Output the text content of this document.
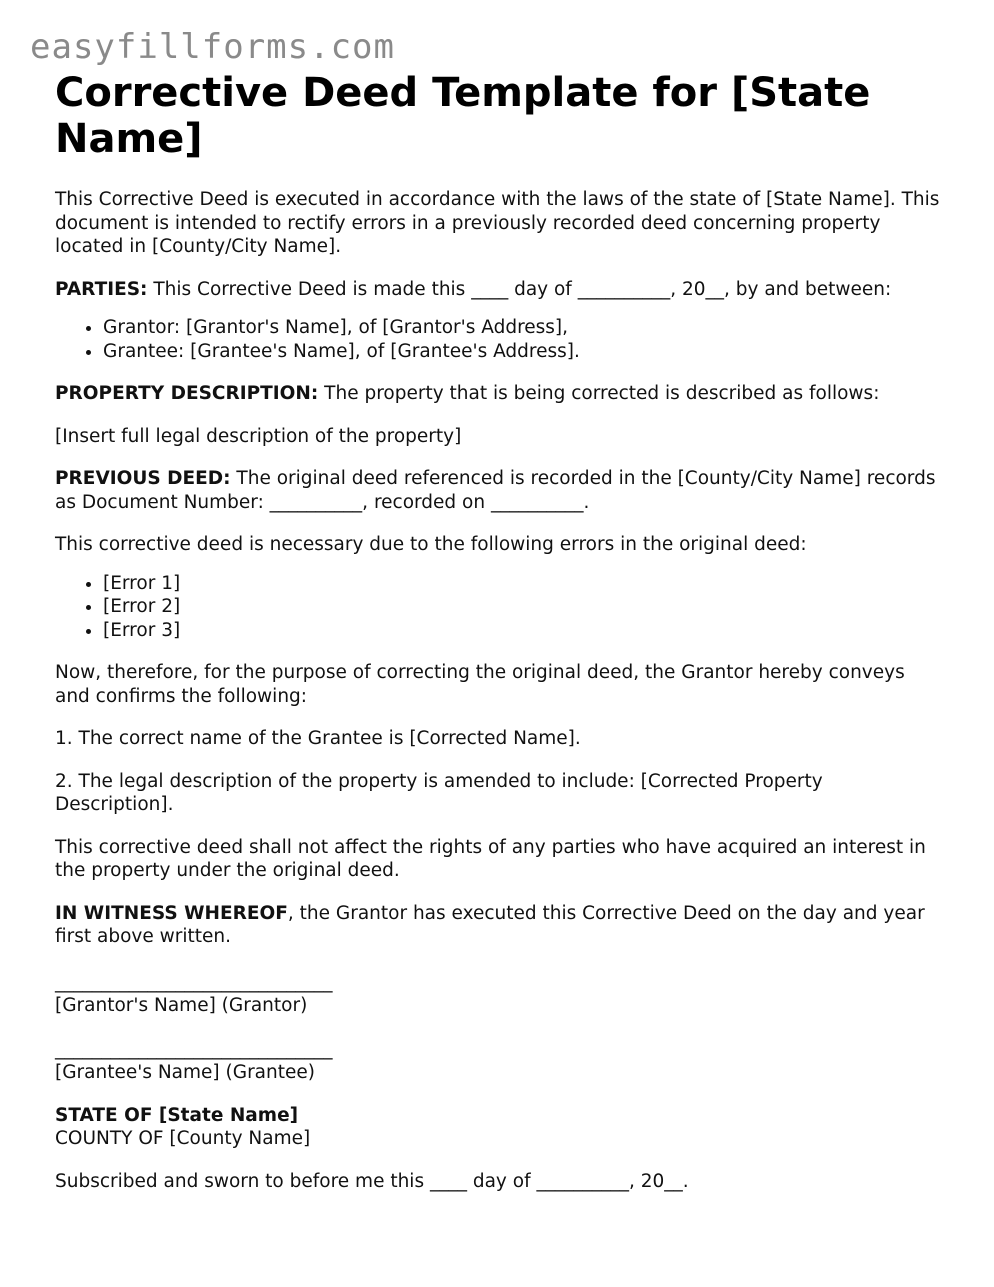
easyfillforms.com
Corrective Deed Template for [State Name]

This Corrective Deed is executed in accordance with the laws of the state of [State Name]. This document is intended to rectify errors in a previously recorded deed concerning property located in [County/City Name].

PARTIES: This Corrective Deed is made this ____ day of __________, 20__, by and between:

• Grantor: [Grantor's Name], of [Grantor's Address],
• Grantee: [Grantee's Name], of [Grantee's Address].

PROPERTY DESCRIPTION: The property that is being corrected is described as follows:

[Insert full legal description of the property]

PREVIOUS DEED: The original deed referenced is recorded in the [County/City Name] records as Document Number: __________, recorded on __________.

This corrective deed is necessary due to the following errors in the original deed:

• [Error 1]
• [Error 2]
• [Error 3]

Now, therefore, for the purpose of correcting the original deed, the Grantor hereby conveys and confirms the following:

1. The correct name of the Grantee is [Corrected Name].

2. The legal description of the property is amended to include: [Corrected Property Description].

This corrective deed shall not affect the rights of any parties who have acquired an interest in the property under the original deed.

IN WITNESS WHEREOF, the Grantor has executed this Corrective Deed on the day and year first above written.

______________________________
[Grantor's Name] (Grantor)
______________________________
[Grantee's Name] (Grantee)
STATE OF [State Name]
COUNTY OF [County Name]

Subscribed and sworn to before me this ____ day of __________, 20__.
